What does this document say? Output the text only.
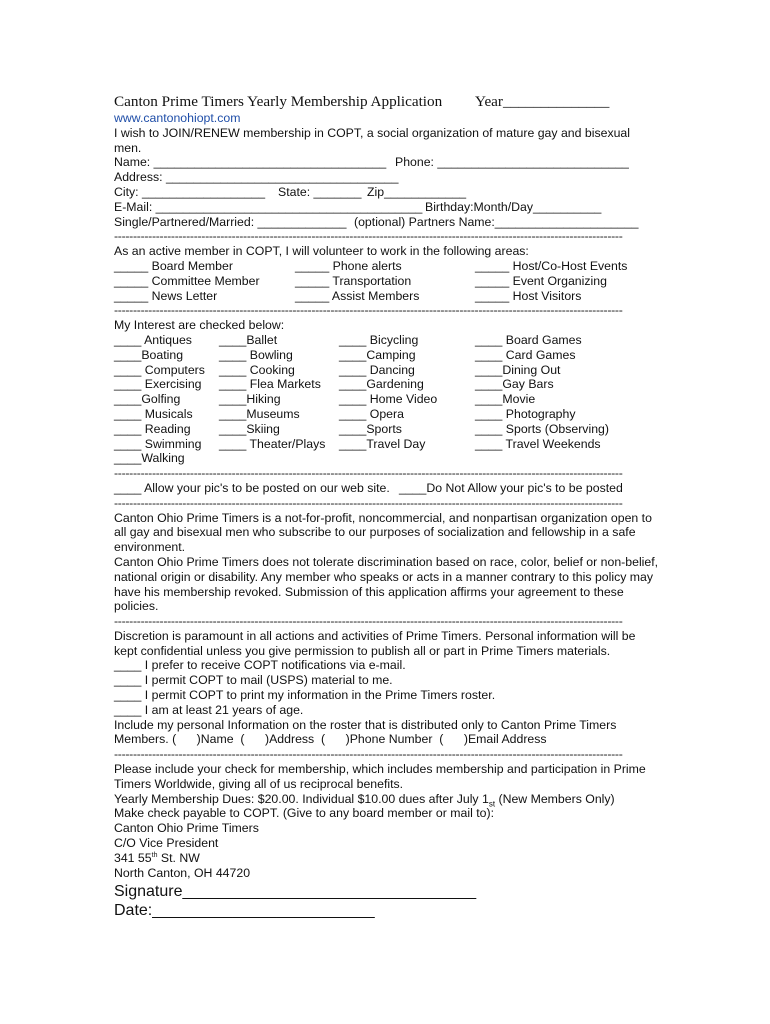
Canton Prime Timers Yearly Membership Application Year______________
www.cantonohiopt.com
I wish to JOIN/RENEW membership in COPT, a social organization of mature gay and bisexual men.
Name: __________________________________ Phone: ____________________________
Address: __________________________________
City: __________________ State: _______ Zip____________
E-Mail: _______________________________________ Birthday:Month/Day__________
Single/Partnered/Married: _____________ (optional) Partners Name:_____________________
--------------------------------------------------------------------------------------------------------------------------------------
As an active member in COPT, I will volunteer to work in the following areas:
_____ Board Member	_____ Phone alerts	_____ Host/Co-Host Events
_____ Committee Member	_____ Transportation	_____ Event Organizing
_____ News Letter	_____ Assist Members	_____ Host Visitors
--------------------------------------------------------------------------------------------------------------------------------------
My Interest are checked below:
____ Antiques ____Ballet	____ Bicycling	____ Board Games
____Boating	____ Bowling	____Camping	____ Card Games
____ Computers ____ Cooking	____ Dancing	____Dining Out
____ Exercising ____ Flea Markets ____Gardening	____Gay Bars
____Golfing	____Hiking	____ Home Video	____Movie
____ Musicals ____Museums	____ Opera	____ Photography
____ Reading ____Skiing	____Sports	____ Sports (Observing)
____ Swimming ____ Theater/Plays ____Travel Day	____ Travel Weekends
____Walking
--------------------------------------------------------------------------------------------------------------------------------------
____ Allow your pic's to be posted on our web site. ____Do Not Allow your pic's to be posted
--------------------------------------------------------------------------------------------------------------------------------------
Canton Ohio Prime Timers is a not-for-profit, noncommercial, and nonpartisan organization open to all gay and bisexual men who subscribe to our purposes of socialization and fellowship in a safe environment.
Canton Ohio Prime Timers does not tolerate discrimination based on race, color, belief or non-belief, national origin or disability. Any member who speaks or acts in a manner contrary to this policy may have his membership revoked. Submission of this application affirms your agreement to these policies.
--------------------------------------------------------------------------------------------------------------------------------------
Discretion is paramount in all actions and activities of Prime Timers. Personal information will be kept confidential unless you give permission to publish all or part in Prime Timers materials.
____ I prefer to receive COPT notifications via e-mail.
____ I permit COPT to mail (USPS) material to me.
____ I permit COPT to print my information in the Prime Timers roster.
____ I am at least 21 years of age.
Include my personal Information on the roster that is distributed only to Canton Prime Timers
Members. (      )Name  (      )Address  (      )Phone Number  (      )Email Address
--------------------------------------------------------------------------------------------------------------------------------------
Please include your check for membership, which includes membership and participation in Prime Timers Worldwide, giving all of us reciprocal benefits.
Yearly Membership Dues: $20.00. Individual $10.00 dues after July $1_{st}$ (New Members Only)
Make check payable to COPT. (Give to any board member or mail to):
Canton Ohio Prime Timers
C/O Vice President
341 55th St. NW
North Canton, OH 44720
Signature_________________________________
Date:_________________________
